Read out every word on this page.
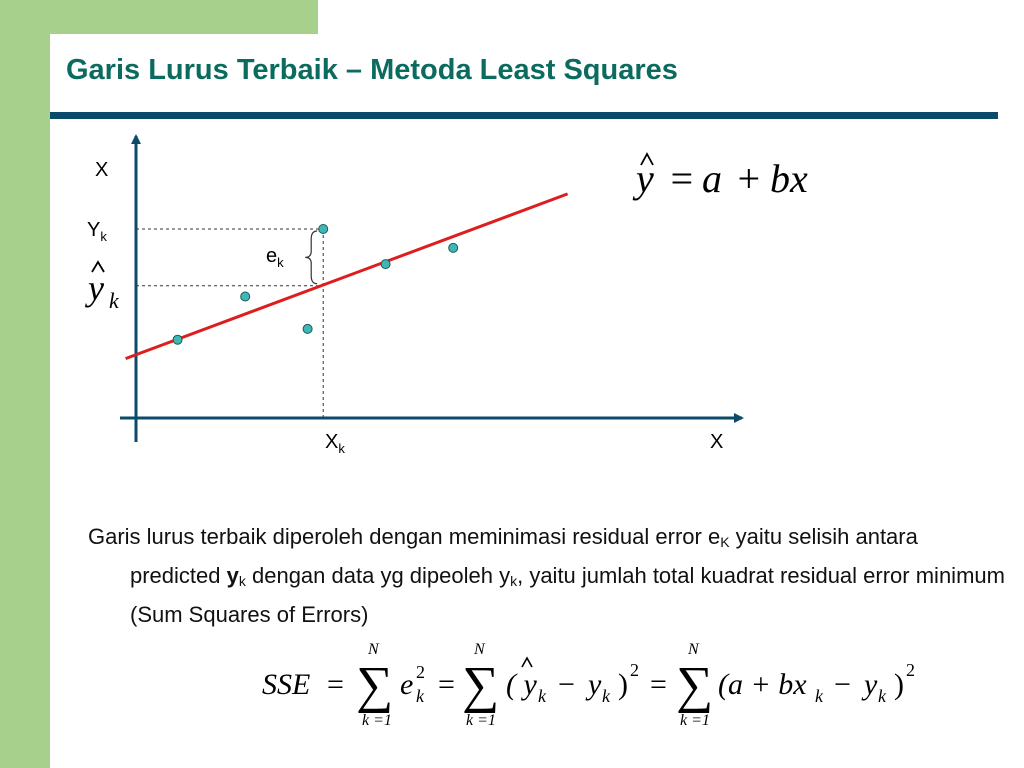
Garis Lurus Terbaik – Metoda Least Squares
X
X
$Y_k$
y k
$e_k$
$X_k$
y = a + bx

Garis lurus terbaik diperoleh dengan meminimasi residual error $e_K$ yaitu selisih antara predicted $y_k$ dengan data yg dipeoleh $y_k$, yaitu jumlah total kuadrat residual error minimum (Sum Squares of Errors)

SSE = ∑
N
k =1
e 2
k = ∑
N
k =1
( y k − y k ) 2 = ∑
N
k =1
(a + bx k − y k ) 2
